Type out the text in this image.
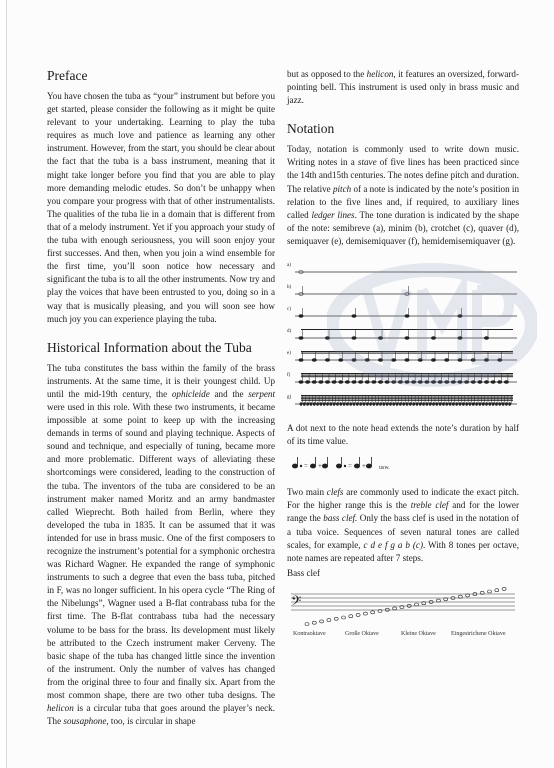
Preface

You have chosen the tuba as “your” instrument but before you get started, please consider the following as it might be quite relevant to your undertaking. Learning to play the tuba requires as much love and patience as learning any other instrument. However, from the start, you should be clear about the fact that the tuba is a bass instrument, meaning that it might take longer before you find that you are able to play more demanding melodic etudes. So don’t be unhappy when you compare your progress with that of other instrumentalists. The qualities of the tuba lie in a domain that is different from that of a melody instrument. Yet if you approach your study of the tuba with enough seriousness, you will soon enjoy your first successes. And then, when you join a wind ensemble for the first time, you’ll soon notice how necessary and significant the tuba is to all the other instruments. Now try and play the voices that have been entrusted to you, doing so in a way that is musically pleasing, and you will soon see how much joy you can experience playing the tuba.

Historical Information about the Tuba

The tuba constitutes the bass within the family of the brass instruments. At the same time, it is their youngest child. Up until the mid-19th century, the ophicleide and the serpent were used in this role. With these two instruments, it became impossible at some point to keep up with the increasing demands in terms of sound and playing technique. Aspects of sound and technique, and especially of tuning, became more and more problematic. Different ways of alleviating these shortcomings were considered, leading to the construction of the tuba. The inventors of the tuba are considered to be an instrument maker named Moritz and an army bandmaster called Wieprecht. Both hailed from Berlin, where they developed the tuba in 1835. It can be assumed that it was intended for use in brass music. One of the first composers to recognize the instrument’s potential for a symphonic orchestra was Richard Wagner. He expanded the range of symphonic instruments to such a degree that even the bass tuba, pitched in F, was no longer sufficient. In his opera cycle “The Ring of the Nibelungs”, Wagner used a B-flat contrabass tuba for the first time. The B-flat contrabass tuba had the necessary volume to be bass for the brass. Its development must likely be attributed to the Czech instrument maker Cerveny. The basic shape of the tuba has changed little since the invention of the instrument. Only the number of valves has changed from the original three to four and finally six. Apart from the most common shape, there are two other tuba designs. The helicon is a circular tuba that goes around the player’s neck. The sousaphone, too, is circular in shape

but as opposed to the helicon, it features an oversized, forward-pointing bell. This instrument is used only in brass music and jazz.

Notation

Today, notation is commonly used to write down music. Writing notes in a stave of five lines has been practiced since the 14th and15th centuries. The notes define pitch and duration. The relative pitch of a note is indicated by the note’s position in relation to the five lines and, if required, to auxiliary lines called ledger lines. The tone duration is indicated by the shape of the note: semibreve (a), minim (b), crotchet (c), quaver (d), semiquaver (e), demisemiquaver (f), hemidemisemiquaver (g).

a)
b)
c)
d)
e)
f)
g)

A dot next to the note head extends the note’s duration by half of its time value.

= +	= + usw.

Two main clefs are commonly used to indicate the exact pitch. For the higher range this is the treble clef and for the lower range the bass clef. Only the bass clef is used in the notation of a tuba voice. Sequences of seven natural tones are called scales, for example, c d e f g a b (c). With 8 tones per octave, note names are repeated after 7 steps.

Bass clef
𝄢
Kontraoktave	Große Oktave	Kleine Oktave	Eingestrichene Oktave
